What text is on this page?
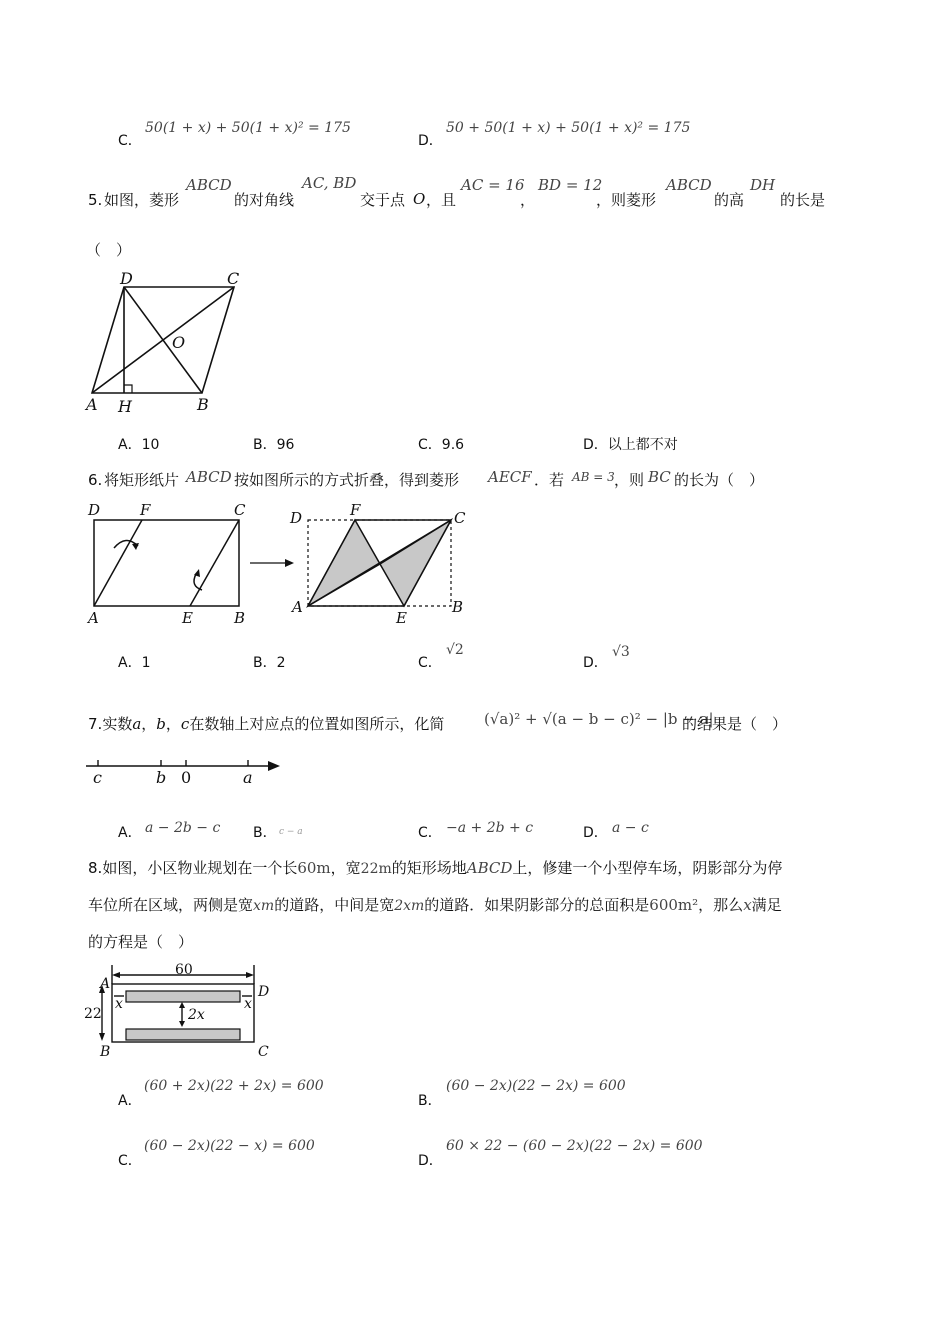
C．
50(1 + x) + 50(1 + x)² = 175
D．
50 + 50(1 + x) + 50(1 + x)² = 175
5. 如图，菱形
ABCD
的对角线
AC, BD
交于点 O ，且
AC = 16
，
BD = 12
，则菱形
ABCD
的高
DH
的长是
（　）
D	C
O
A H	B
A．10	B．96	C．9.6	D．以上都不对
6. 将矩形纸片 ABCD 按如图所示的方式折叠，得到菱形 AECF ．若 AB = 3 ，则 BC 的长为（　）
D	F	C
A	E	B
D	F	C
A
E
B
A．1	B．2	C．
√2
D．
√3
7.实数a，b，c在数轴上对应点的位置如图所示，化简	(√a)² + √(a − b − c)² − |b − a|
的结果是（　）
c	b 0	a
A． a − 2b − c B． c − a	C． −a + 2b + c	D． a − c
8.如图，小区物业规划在一个长60m，宽22m的矩形场地ABCD上，修建一个小型停车场，阴影部分为停
车位所在区域，两侧是宽xm的道路，中间是宽2xm的道路．如果阴影部分的总面积是600m²，那么x满足
的方程是（　）
60
22
A
B	C
D
x	x
2x
A．
(60 + 2x)(22 + 2x) = 600
B．
(60 − 2x)(22 − 2x) = 600
C．
(60 − 2x)(22 − x) = 600
D．
60 × 22 − (60 − 2x)(22 − 2x) = 600
